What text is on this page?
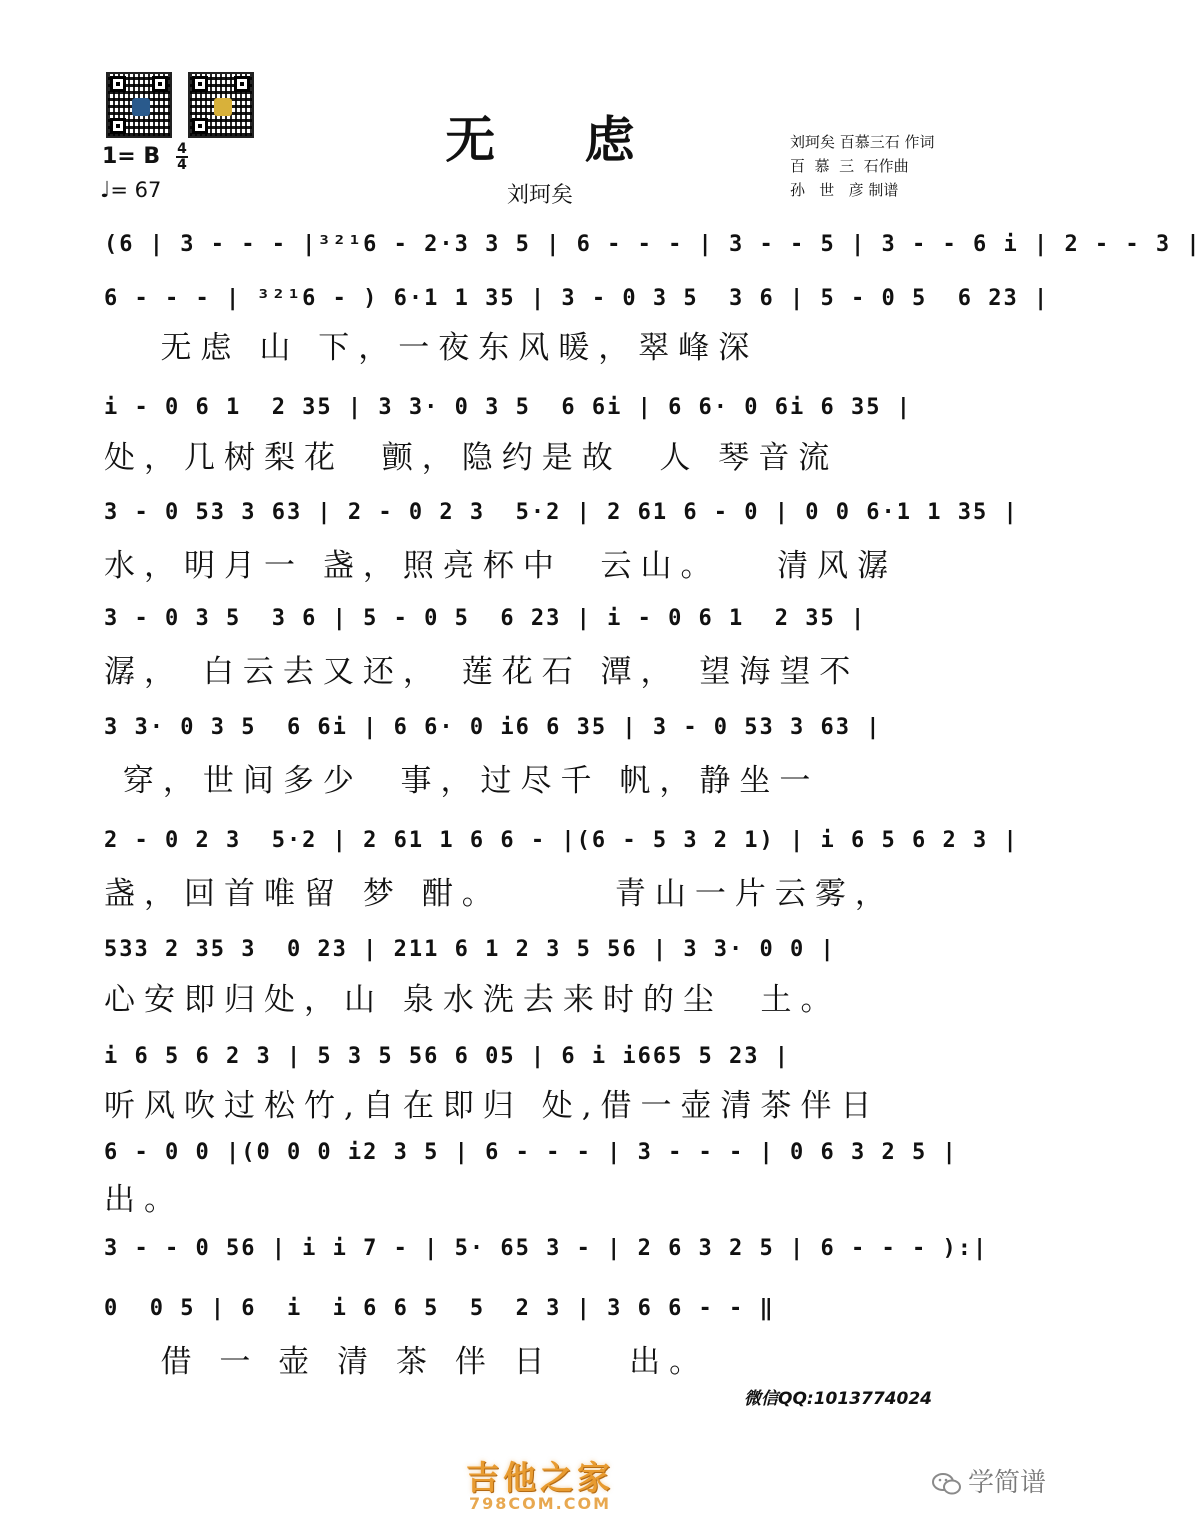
无 虑
刘珂矣
刘珂矣 百慕三石 作词
百  慕  三  石作曲
孙   世   彦 制谱
1= B 4
4
♩= 67
(6 | 3 - - - |³²¹6 - 2·3 3 5 | 6 - - - | 3 - - 5 | 3 - - 6 i | 2 - - 3 |
6 - - - | ³²¹6 - ) 6·1 1 35 | 3 - 0 3 5  3 6 | 5 - 0 5  6 23 |
无虑 山 下，一夜东风暖，翠峰深
i - 0 6 1  2 35 | 3 3· 0 3 5  6 6i | 6 6· 0 6i 6 35 |
处，几树梨花  颤，隐约是故  人 琴音流
3 - 0 53 3 63 | 2 - 0 2 3  5·2 | 2 61 6 - 0 | 0 0 6·1 1 35 |
水，明月一 盏，照亮杯中  云山。   清风潺
3 - 0 3 5  3 6 | 5 - 0 5  6 23 | i - 0 6 1  2 35 |
潺， 白云去又还， 莲花石 潭， 望海望不
3 3· 0 3 5  6 6i | 6 6· 0 i6 6 35 | 3 - 0 53 3 63 |
穿，世间多少  事，过尽千 帆，静坐一
2 - 0 2 3  5·2 | 2 61 1 6 6 - |(6 - 5 3 2 1) | i 6 5 6 2 3 |
盏，回首唯留 梦 酣。      青山一片云雾，
533 2 35 3  0 23 | 211 6 1 2 3 5 56 | 3 3· 0 0 |
心安即归处，山 泉水洗去来时的尘  土。
i 6 5 6 2 3 | 5 3 5 56 6 05 | 6 i i665 5 23 |
听风吹过松竹,自在即归 处,借一壶清茶伴日
6 - 0 0 |(0 0 0 i2 3 5 | 6 - - - | 3 - - - | 0 6 3 2 5 |
出。
3 - - 0 56 | i i 7 - | 5· 65 3 - | 2 6 3 2 5 | 6 - - - ):|
0  0 5 | 6  i  i 6 6 5  5  2 3 | 3 6 6 - - ‖
借 一 壶 清 茶 伴 日    出。
微信QQ:1013774024
吉他之家
798COM.COM
学简谱
